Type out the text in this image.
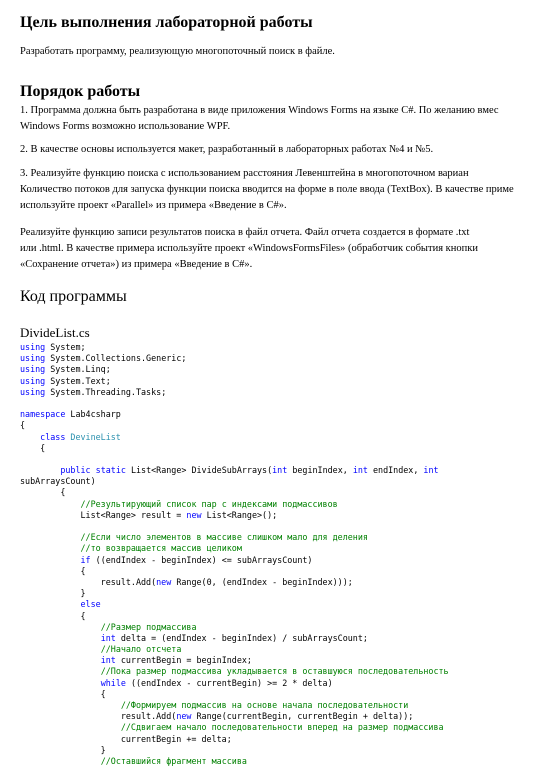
Цель выполнения лабораторной работы

Разработать программу, реализующую многопоточный поиск в файле.

Порядок работы

1. Программа должна быть разработана в виде приложения Windows Forms на языке C#. По желанию вмес
Windows Forms возможно использование WPF.

2. В качестве основы используется макет, разработанный в лабораторных работах №4 и №5.

3. Реализуйте функцию поиска с использованием расстояния Левенштейна в многопоточном вариан
Количество потоков для запуска функции поиска вводится на форме в поле ввода (TextBox). В качестве приме
используйте проект «Parallel» из примера «Введение в C#».

Реализуйте функцию записи результатов поиска в файл отчета. Файл отчета создается в формате .txt
или .html. В качестве примера используйте проект «WindowsFormsFiles» (обработчик события кнопки
«Сохранение отчета») из примера «Введение в C#».

Код программы
DivideList.cs
using System;
using System.Collections.Generic;
using System.Linq;
using System.Text;
using System.Threading.Tasks;

namespace Lab4csharp
{
class DevineList
{

public static List<Range> DivideSubArrays(int beginIndex, int endIndex, int
subArraysCount)
{
//Результирующий список пар с индексами подмассивов
List<Range> result = new List<Range>();

//Если число элементов в массиве слишком мало для деления
//то возвращается массив целиком
if ((endIndex - beginIndex) <= subArraysCount)
{
result.Add(new Range(0, (endIndex - beginIndex)));
}
else
{
//Размер подмассива
int delta = (endIndex - beginIndex) / subArraysCount;
//Начало отсчета
int currentBegin = beginIndex;
//Пока размер подмассива укладывается в оставшуюся последовательность
while ((endIndex - currentBegin) >= 2 * delta)
{
//Формируем подмассив на основе начала последовательности
result.Add(new Range(currentBegin, currentBegin + delta));
//Сдвигаем начало последовательности вперед на размер подмассива
currentBegin += delta;
}
//Оставшийся фрагмент массива
